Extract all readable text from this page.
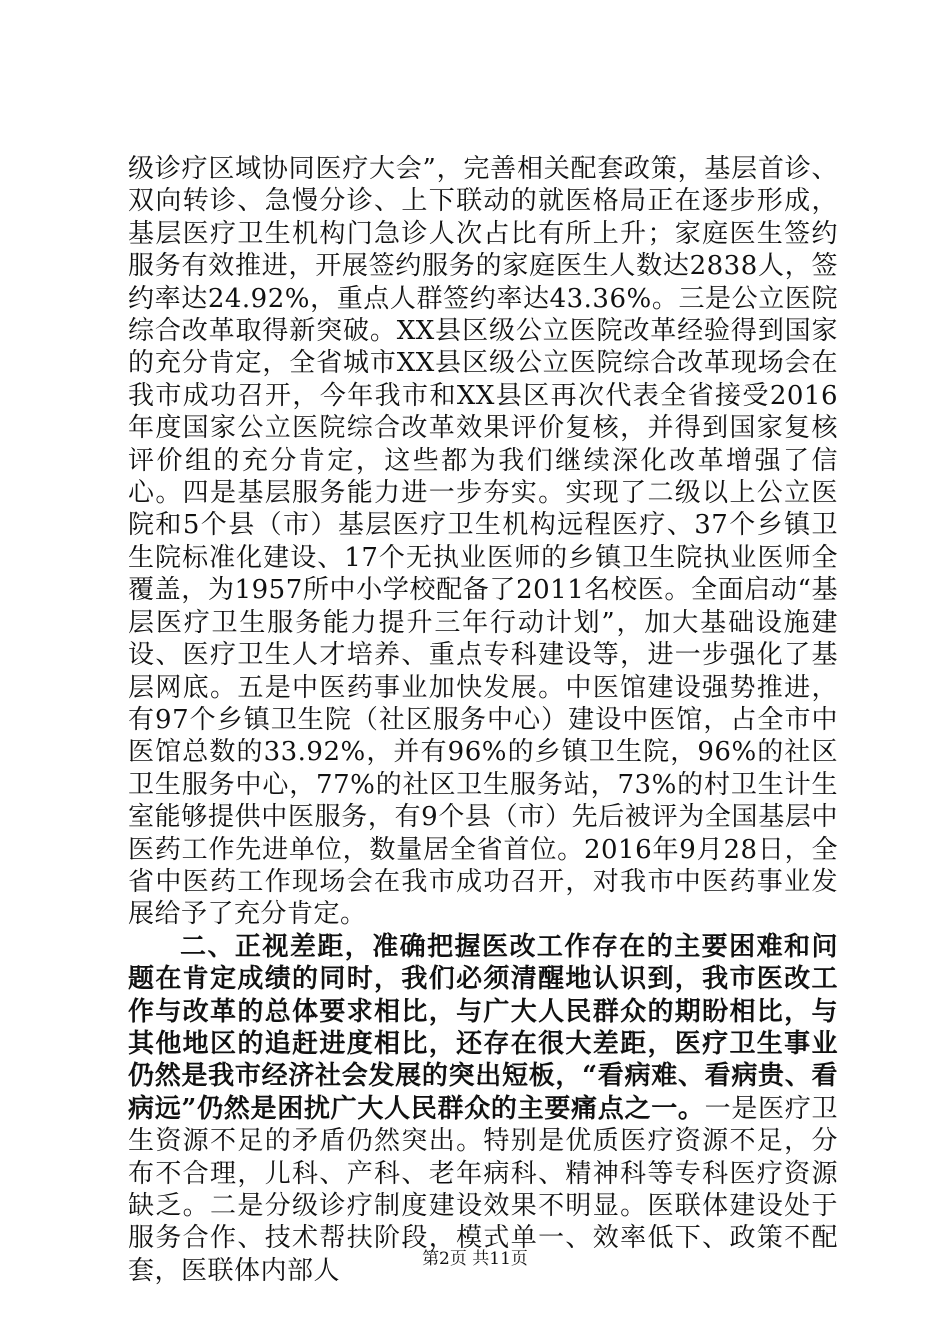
级诊疗区域协同医疗大会”，完善相关配套政策，基层首诊、双向转诊、急慢分诊、上下联动的就医格局正在逐步形成，基层医疗卫生机构门急诊人次占比有所上升；家庭医生签约服务有效推进，开展签约服务的家庭医生人数达2838人，签约率达24.92%，重点人群签约率达43.36%。三是公立医院综合改革取得新突破。XX县区级公立医院改革经验得到国家的充分肯定，全省城市XX县区级公立医院综合改革现场会在我市成功召开，今年我市和XX县区再次代表全省接受2016年度国家公立医院综合改革效果评价复核，并得到国家复核评价组的充分肯定，这些都为我们继续深化改革增强了信心。四是基层服务能力进一步夯实。实现了二级以上公立医院和5个县（市）基层医疗卫生机构远程医疗、37个乡镇卫生院标准化建设、17个无执业医师的乡镇卫生院执业医师全覆盖，为1957所中小学校配备了2011名校医。全面启动“基层医疗卫生服务能力提升三年行动计划”，加大基础设施建设、医疗卫生人才培养、重点专科建设等，进一步强化了基层网底。五是中医药事业加快发展。中医馆建设强势推进，有97个乡镇卫生院（社区服务中心）建设中医馆，占全市中医馆总数的33.92%，并有96%的乡镇卫生院，96%的社区卫生服务中心，77%的社区卫生服务站，73%的村卫生计生室能够提供中医服务，有9个县（市）先后被评为全国基层中医药工作先进单位，数量居全省首位。2016年9月28日，全省中医药工作现场会在我市成功召开，对我市中医药事业发展给予了充分肯定。

二、正视差距，准确把握医改工作存在的主要困难和问题在肯定成绩的同时，我们必须清醒地认识到，我市医改工作与改革的总体要求相比，与广大人民群众的期盼相比，与其他地区的追赶进度相比，还存在很大差距，医疗卫生事业仍然是我市经济社会发展的突出短板，“看病难、看病贵、看病远”仍然是困扰广大人民群众的主要痛点之一。一是医疗卫生资源不足的矛盾仍然突出。特别是优质医疗资源不足，分布不合理，儿科、产科、老年病科、精神科等专科医疗资源缺乏。二是分级诊疗制度建设效果不明显。医联体建设处于服务合作、技术帮扶阶段，模式单一、效率低下、政策不配套，医联体内部人	第2页 共11页
